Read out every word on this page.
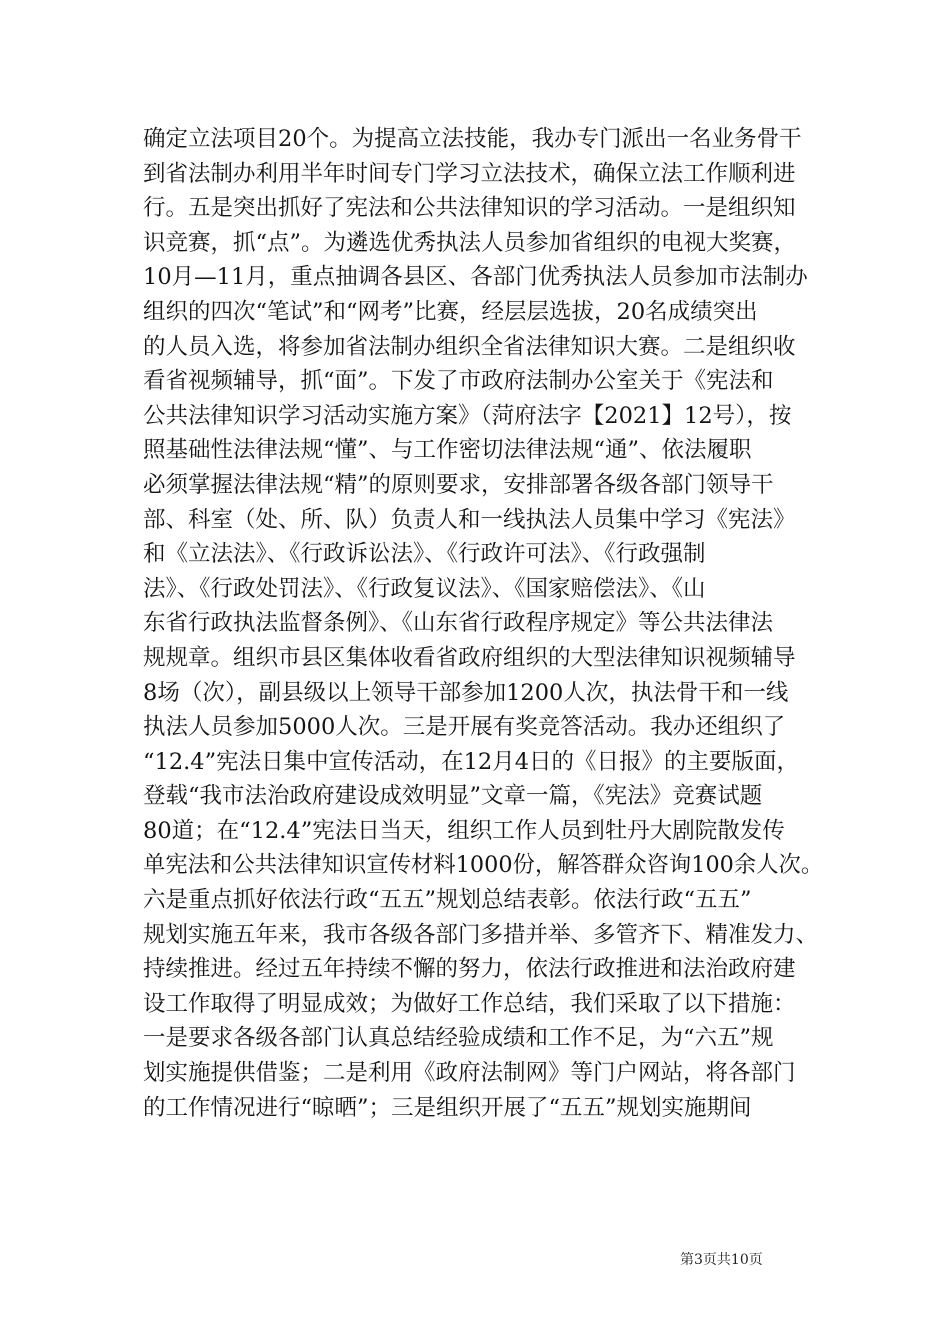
确定立法项目20个。为提高立法技能，我办专门派出一名业务骨干
到省法制办利用半年时间专门学习立法技术，确保立法工作顺利进
行。五是突出抓好了宪法和公共法律知识的学习活动。一是组织知
识竞赛，抓“点”。为遴选优秀执法人员参加省组织的电视大奖赛，
10月—11月，重点抽调各县区、各部门优秀执法人员参加市法制办
组织的四次“笔试”和“网考”比赛，经层层选拔，20名成绩突出
的人员入选，将参加省法制办组织全省法律知识大赛。二是组织收
看省视频辅导，抓“面”。下发了市政府法制办公室关于《宪法和
公共法律知识学习活动实施方案》（菏府法字【2021】12号），按
照基础性法律法规“懂”、与工作密切法律法规“通”、依法履职
必须掌握法律法规“精”的原则要求，安排部署各级各部门领导干
部、科室（处、所、队）负责人和一线执法人员集中学习《宪法》
和《立法法》、《行政诉讼法》、《行政许可法》、《行政强制
法》、《行政处罚法》、《行政复议法》、《国家赔偿法》、《山
东省行政执法监督条例》、《山东省行政程序规定》等公共法律法
规规章。组织市县区集体收看省政府组织的大型法律知识视频辅导
8场（次），副县级以上领导干部参加1200人次，执法骨干和一线
执法人员参加5000人次。三是开展有奖竞答活动。我办还组织了
“12.4”宪法日集中宣传活动，在12月4日的《日报》的主要版面，
登载“我市法治政府建设成效明显”文章一篇，《宪法》竞赛试题
80道；在“12.4”宪法日当天，组织工作人员到牡丹大剧院散发传
单宪法和公共法律知识宣传材料1000份，解答群众咨询100余人次。
六是重点抓好依法行政“五五”规划总结表彰。依法行政“五五”
规划实施五年来，我市各级各部门多措并举、多管齐下、精准发力、
持续推进。经过五年持续不懈的努力，依法行政推进和法治政府建
设工作取得了明显成效；为做好工作总结，我们采取了以下措施：
一是要求各级各部门认真总结经验成绩和工作不足，为“六五”规
划实施提供借鉴；二是利用《政府法制网》等门户网站，将各部门
的工作情况进行“晾晒”；三是组织开展了“五五”规划实施期间
第3页共10页
